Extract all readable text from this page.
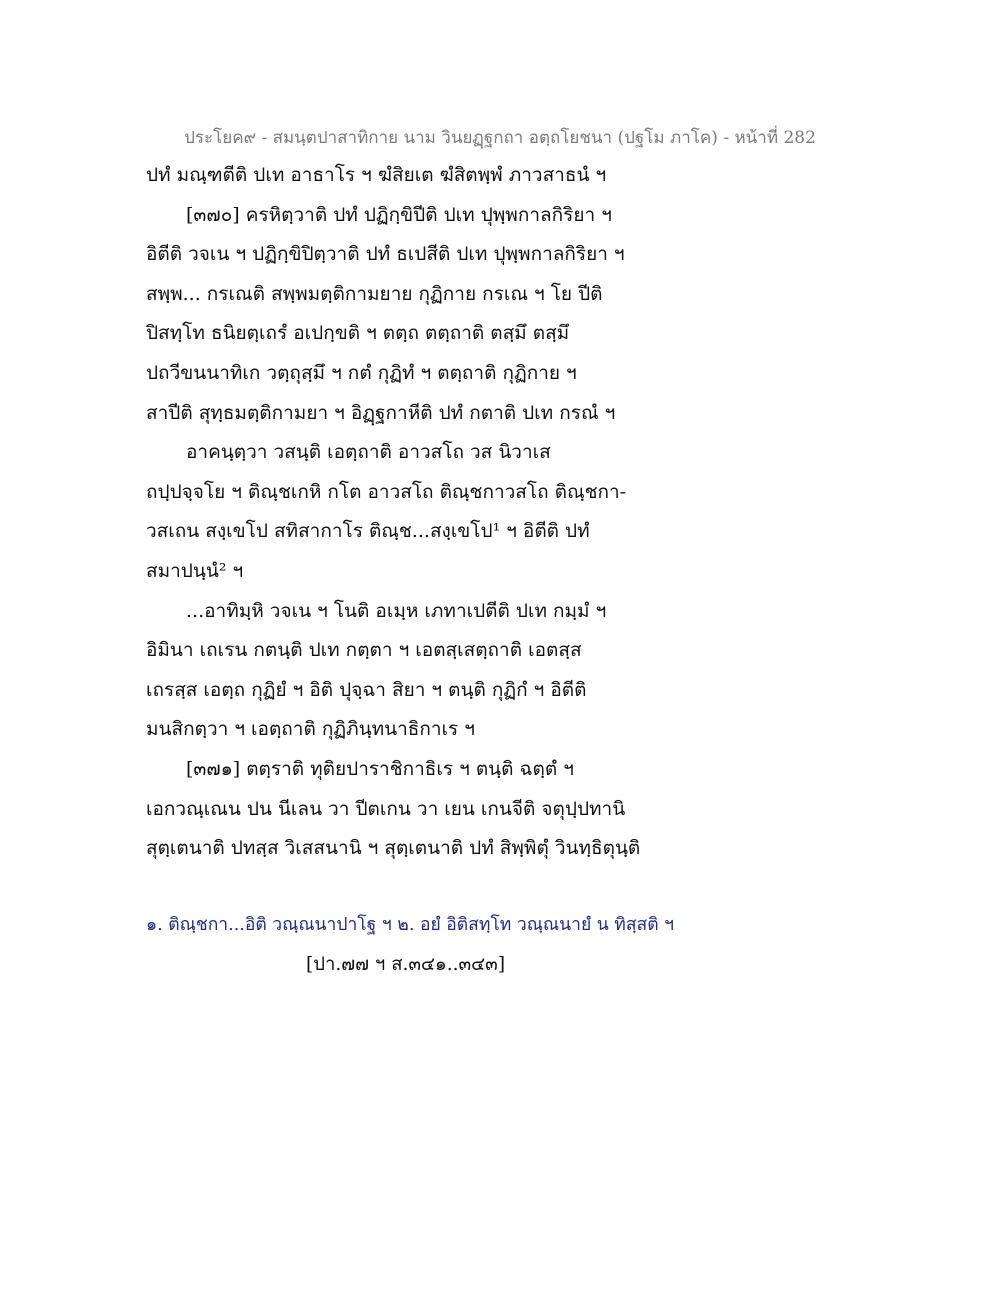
ประโยค๙ - สมนฺตปาสาทิกาย นาม วินยฏฺฐกถา อตฺถโยชนา (ปฐโม ภาโค) - หน้าที่ 282
ปทํ มณฺฑตีติ ปเท อาธาโร ฯ ฆํสิยเต ฆํสิตพฺพํ ภาวสาธนํ ฯ
[๓๗๐] ครหิตฺวาติ ปทํ ปฏิกฺขิปีติ ปเท ปุพฺพกาลกิริยา ฯ
อิตีติ วจเน ฯ ปฏิกฺขิปิตฺวาติ ปทํ ธเปสีติ ปเท ปุพฺพกาลกิริยา ฯ
สพฺพ... กรเณติ สพฺพมตฺติกามยาย กุฏิกาย กรเณ ฯ โย ปีติ
ปิสทฺโท ธนิยตฺเถรํ อเปกฺขติ ฯ ตตฺถ ตตฺถาติ ตสฺมึ ตสฺมึ
ปถวีขนนาทิเก วตฺถุสฺมึ ฯ กตํ กุฏิทํ ฯ ตตฺถาติ กุฏิกาย ฯ
สาปีติ สุทฺธมตฺติกามยา ฯ อิฏฺฐกาหีติ ปทํ กตาติ ปเท กรณํ ฯ
อาคนฺตฺวา วสนฺติ เอตฺถาติ อาวสโถ วส นิวาเส
ถปฺปจฺจโย ฯ ติณฺชเกหิ กโต อาวสโถ ติณฺชกาวสโถ ติณฺชกา-
วสเถน สงฺเขโป สทิสากาโร ติณฺช...สงฺเขโป¹ ฯ อิตีติ ปทํ
สมาปนฺนํ² ฯ
...อาทิมฺหิ วจเน ฯ โนติ อเมฺห เภทาเปตีติ ปเท กมฺมํ ฯ
อิมินา เถเรน กตนฺติ ปเท กตฺตา ฯ เอตสฺเสตฺถาติ เอตสฺส
เถรสฺส เอตฺถ กุฏิยํ ฯ อิติ ปุจฺฉา สิยา ฯ ตนฺติ กุฏิกํ ฯ อิตีติ
มนสิกตฺวา ฯ เอตฺถาติ กุฏิภินฺทนาธิกาเร ฯ
[๓๗๑] ตตฺราติ ทุติยปาราชิกาธิเร ฯ ตนฺติ ฉตฺตํ ฯ
เอกวณฺเณน ปน นีเลน วา ปีตเกน วา เยน เกนจีติ จตุปฺปทานิ
สุตฺเตนาติ ปทสฺส วิเสสนานิ ฯ สุตฺเตนาติ ปทํ สิพฺพิตุํ วินทฺธิตุนฺติ
๑. ติณฺชกา...อิติ วณฺณนาปาโฐ ฯ ๒. อยํ อิติสทฺโท วณฺณนายํ น ทิสฺสติ ฯ
[ปา.๗๗ ฯ ส.๓๔๑..๓๔๓]
